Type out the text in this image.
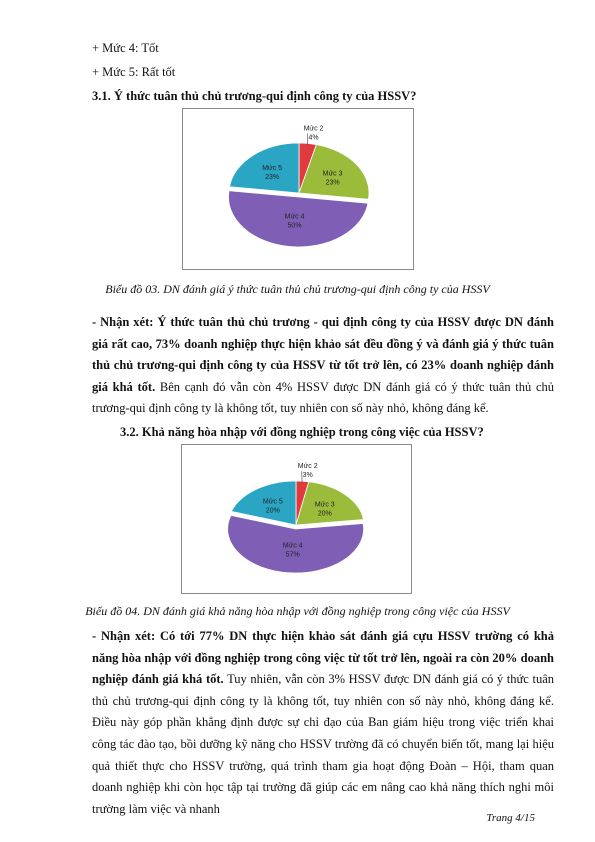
+ Mức 4: Tốt
+ Mức 5: Rất tốt
3.1. Ý thức tuân thủ chủ trương-qui định công ty của HSSV?
Mức 2
4%
Mức 3
23%
Mức 4
50%
Mức 5
23%
Biểu đồ 03. DN đánh giá ý thức tuân thủ chủ trương-qui định công ty của HSSV
- Nhận xét: Ý thức tuân thủ chủ trương - qui định công ty của HSSV được DN đánh giá rất cao, 73% doanh nghiệp thực hiện khảo sát đều đồng ý và đánh giá ý thức tuân thủ chủ trương-qui định công ty của HSSV từ tốt trở lên, có 23% doanh nghiệp đánh giá khá tốt. Bên cạnh đó vẫn còn 4% HSSV được DN đánh giá có ý thức tuân thủ chủ trương-qui định công ty là không tốt, tuy nhiên con số này nhỏ, không đáng kể.
3.2. Khả năng hòa nhập với đồng nghiệp trong công việc của HSSV?
Mức 2
3%
Mức 3
20%
Mức 4
57%
Mức 5
20%
Biểu đồ 04. DN đánh giá khả năng hòa nhập với đồng nghiệp trong công việc của HSSV
- Nhận xét: Có tới 77% DN thực hiện khảo sát đánh giá cựu HSSV trường có khả năng hòa nhập với đồng nghiệp trong công việc từ tốt trở lên, ngoài ra còn 20% doanh nghiệp đánh giá khá tốt. Tuy nhiên, vẫn còn 3% HSSV được DN đánh giá có ý thức tuân thủ chủ trương-qui định công ty là không tốt, tuy nhiên con số này nhỏ, không đáng kể. Điều này góp phần khẳng định được sự chỉ đạo của Ban giám hiệu trong việc triển khai công tác đào tạo, bồi dưỡng kỹ năng cho HSSV trường đã có chuyển biến tốt, mang lại hiệu quả thiết thực cho HSSV trường, quá trình tham gia hoạt động Đoàn – Hội, tham quan doanh nghiệp khi còn học tập tại trường đã giúp các em nâng cao khả năng thích nghi môi trường làm việc và nhanh
Trang 4/15
